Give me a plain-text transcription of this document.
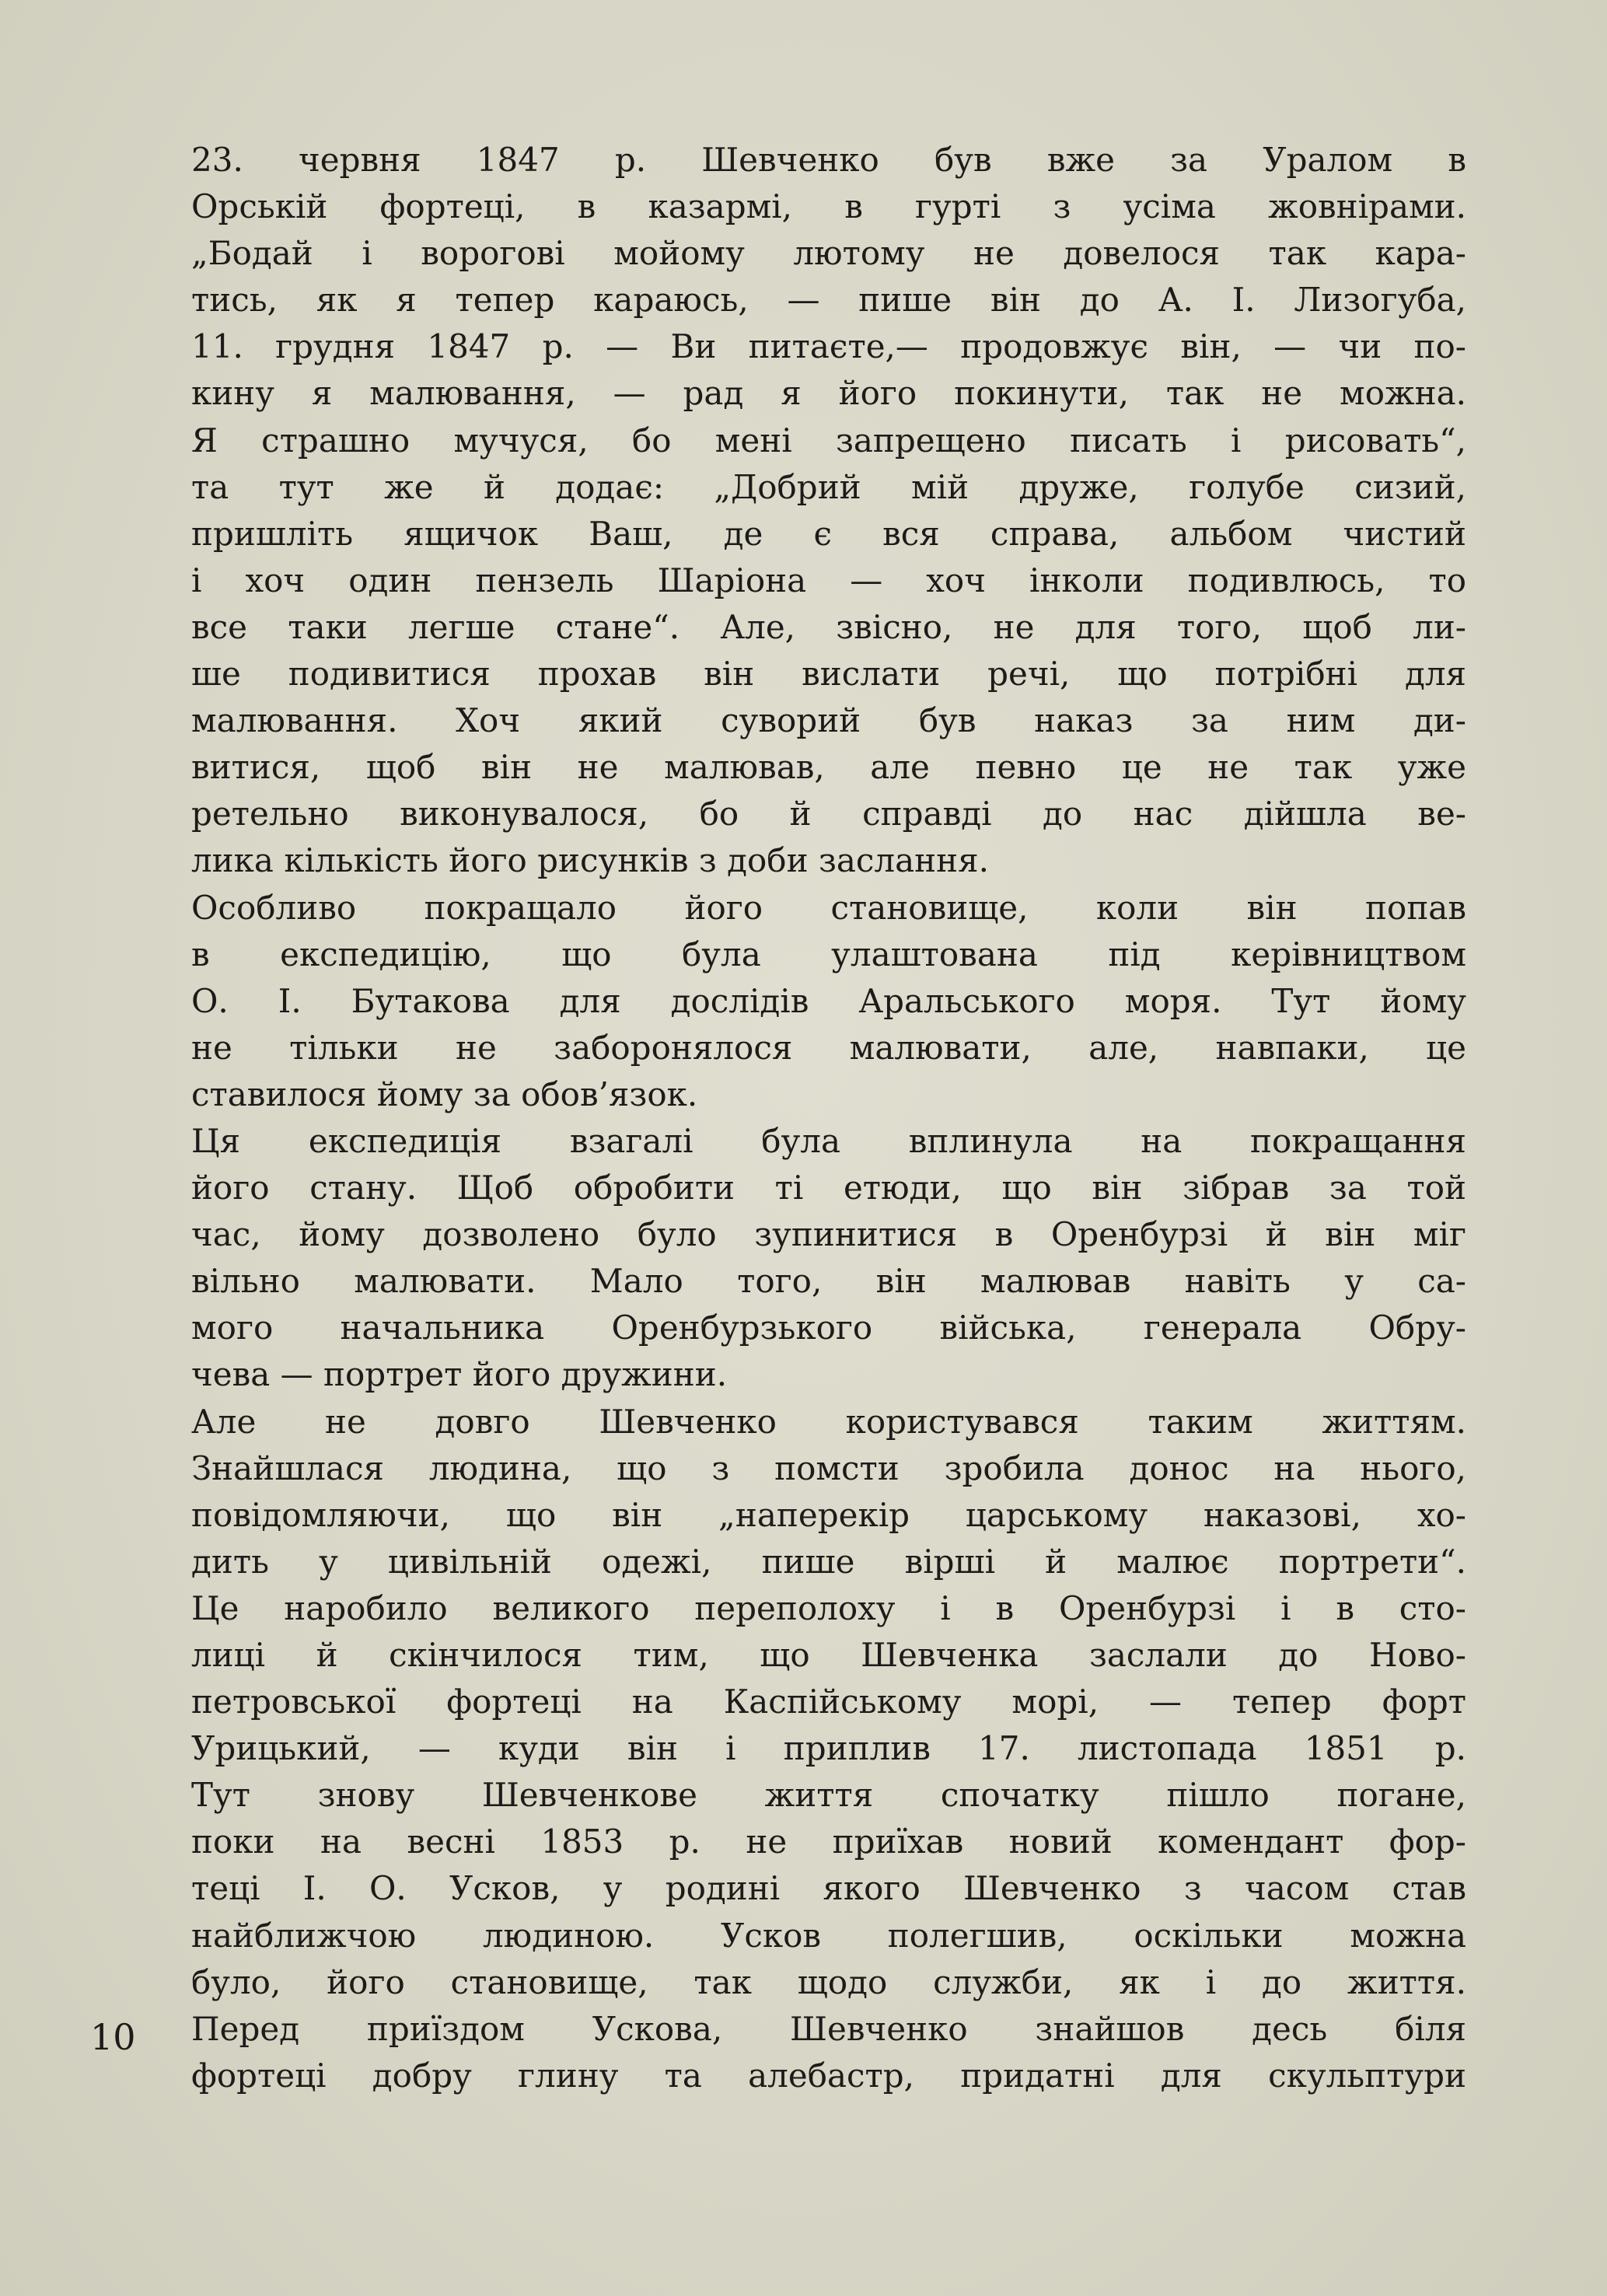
23. червня 1847 р. Шевченко був вже за Уралом в
Орській фортеці, в казармі, в гурті з усіма жовнірами.
„Бодай і ворогові мойому лютому не довелося так кара-
тись, як я тепер караюсь, — пише він до А. І. Лизогуба,
11. грудня 1847 р. — Ви питаєте,— продовжує він, — чи по-
кину я малювання, — рад я його покинути, так не можна.
Я страшно мучуся, бо мені запрещено писать і рисовать“,
та тут же й додає: „Добрий мій друже, голубе сизий,
пришліть ящичок Ваш, де є вся справа, альбом чистий
і хоч один пензель Шаріона — хоч інколи подивлюсь, то
все таки легше стане“. Але, звісно, не для того, щоб ли-
ше подивитися прохав він вислати речі, що потрібні для
малювання. Хоч який суворий був наказ за ним ди-
витися, щоб він не малював, але певно це не так уже
ретельно виконувалося, бо й справді до нас дійшла ве-
лика кількість його рисунків з доби заслання.
Особливо покращало його становище, коли він попав
в експедицію, що була улаштована під керівництвом
О. І. Бутакова для дослідів Аральського моря. Тут йому
не тільки не заборонялося малювати, але, навпаки, це
ставилося йому за обов’язок.
Ця експедиція взагалі була вплинула на покращання
його стану. Щоб обробити ті етюди, що він зібрав за той
час, йому дозволено було зупинитися в Оренбурзі й він міг
вільно малювати. Мало того, він малював навіть у са-
мого начальника Оренбурзького війська, генерала Обру-
чева — портрет його дружини.
Але не довго Шевченко користувався таким життям.
Знайшлася людина, що з помсти зробила донос на нього,
повідомляючи, що він „наперекір царському наказові, хо-
дить у цивільній одежі, пише вірші й малює портрети“.
Це наробило великого переполоху і в Оренбурзі і в сто-
лиці й скінчилося тим, що Шевченка заслали до Ново-
петровської фортеці на Каспійському морі, — тепер форт
Урицький, — куди він і приплив 17. листопада 1851 р.
Тут знову Шевченкове життя спочатку пішло погане,
поки на весні 1853 р. не приїхав новий комендант фор-
теці І. О. Усков, у родині якого Шевченко з часом став
найближчою людиною. Усков полегшив, оскільки можна
було, його становище, так щодо служби, як і до життя.
Перед приїздом Ускова, Шевченко знайшов десь біля
фортеці добру глину та алебастр, придатні для скульптури
10
